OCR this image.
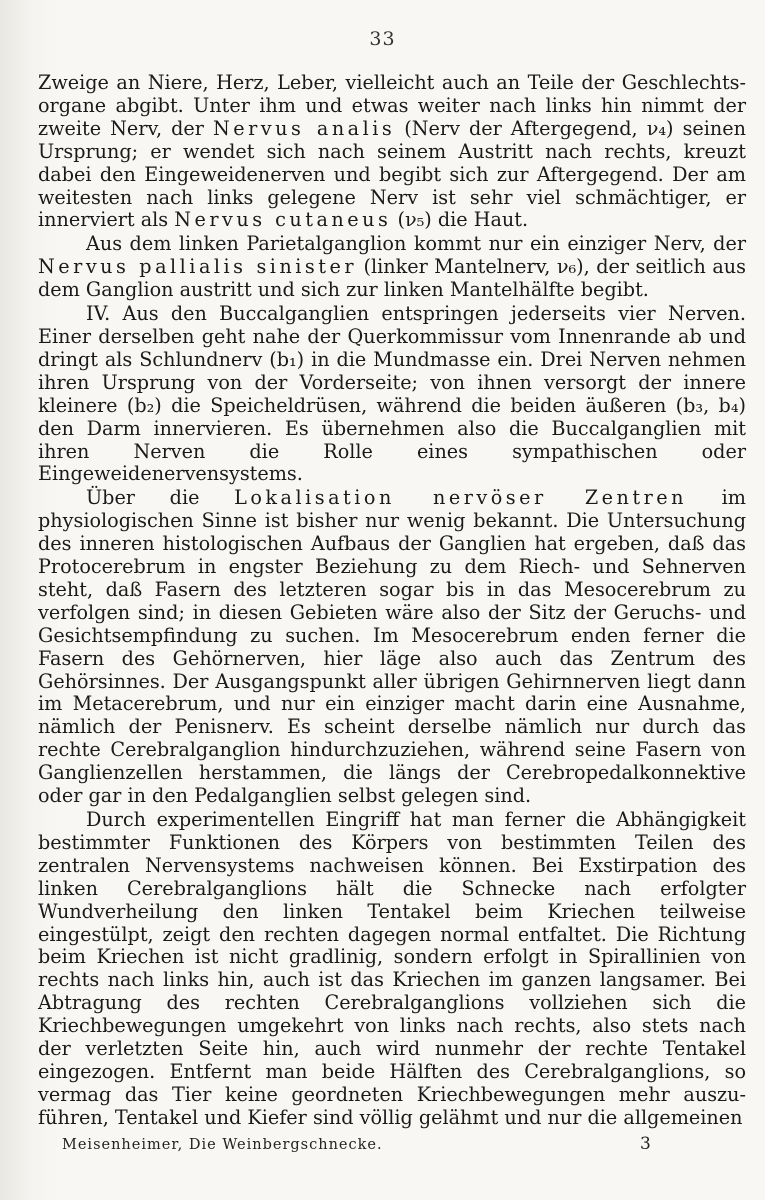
33

Zweige an Niere, Herz, Leber, vielleicht auch an Teile der Geschlechtsorgane abgibt. Unter ihm und etwas weiter nach links hin nimmt der zweite Nerv, der Nervus analis (Nerv der Aftergegend, ν₄) seinen Ursprung; er wendet sich nach seinem Austritt nach rechts, kreuzt dabei den Eingeweidenerven und begibt sich zur Aftergegend. Der am weitesten nach links gelegene Nerv ist sehr viel schmächtiger, er innerviert als Nervus cutaneus (ν₅) die Haut.

Aus dem linken Parietalganglion kommt nur ein einziger Nerv, der Nervus pallialis sinister (linker Mantelnerv, ν₆), der seitlich aus dem Ganglion austritt und sich zur linken Mantelhälfte begibt.

IV. Aus den Buccalganglien entspringen jederseits vier Nerven. Einer derselben geht nahe der Querkommissur vom Innenrande ab und dringt als Schlundnerv (b₁) in die Mundmasse ein. Drei Nerven nehmen ihren Ursprung von der Vorderseite; von ihnen versorgt der innere kleinere (b₂) die Speicheldrüsen, während die beiden äußeren (b₃, b₄) den Darm innervieren. Es übernehmen also die Buccalganglien mit ihren Nerven die Rolle eines sympathischen oder Eingeweidenervensystems.

Über die Lokalisation nervöser Zentren im physiologischen Sinne ist bisher nur wenig bekannt. Die Untersuchung des inneren histologischen Aufbaus der Ganglien hat ergeben, daß das Protocerebrum in engster Beziehung zu dem Riech- und Sehnerven steht, daß Fasern des letzteren sogar bis in das Mesocerebrum zu verfolgen sind; in diesen Gebieten wäre also der Sitz der Geruchs- und Gesichtsempfindung zu suchen. Im Mesocerebrum enden ferner die Fasern des Gehörnerven, hier läge also auch das Zentrum des Gehörsinnes. Der Ausgangspunkt aller übrigen Gehirnnerven liegt dann im Metacerebrum, und nur ein einziger macht darin eine Ausnahme, nämlich der Penisnerv. Es scheint derselbe nämlich nur durch das rechte Cerebralganglion hindurchzuziehen, während seine Fasern von Ganglienzellen herstammen, die längs der Cerebropedalkonnektive oder gar in den Pedalganglien selbst gelegen sind.

Durch experimentellen Eingriff hat man ferner die Abhängigkeit bestimmter Funktionen des Körpers von bestimmten Teilen des zentralen Nervensystems nachweisen können. Bei Exstirpation des linken Cerebralganglions hält die Schnecke nach erfolgter Wundverheilung den linken Tentakel beim Kriechen teilweise eingestülpt, zeigt den rechten dagegen normal entfaltet. Die Richtung beim Kriechen ist nicht gradlinig, sondern erfolgt in Spirallinien von rechts nach links hin, auch ist das Kriechen im ganzen langsamer. Bei Abtragung des rechten Cerebralganglions vollziehen sich die Kriechbewegungen umgekehrt von links nach rechts, also stets nach der verletzten Seite hin, auch wird nunmehr der rechte Tentakel eingezogen. Entfernt man beide Hälften des Cerebralganglions, so vermag das Tier keine geordneten Kriechbewegungen mehr auszuführen, Tentakel und Kiefer sind völlig gelähmt und nur die allgemeinen

Meisenheimer, Die Weinbergschnecke.	3
